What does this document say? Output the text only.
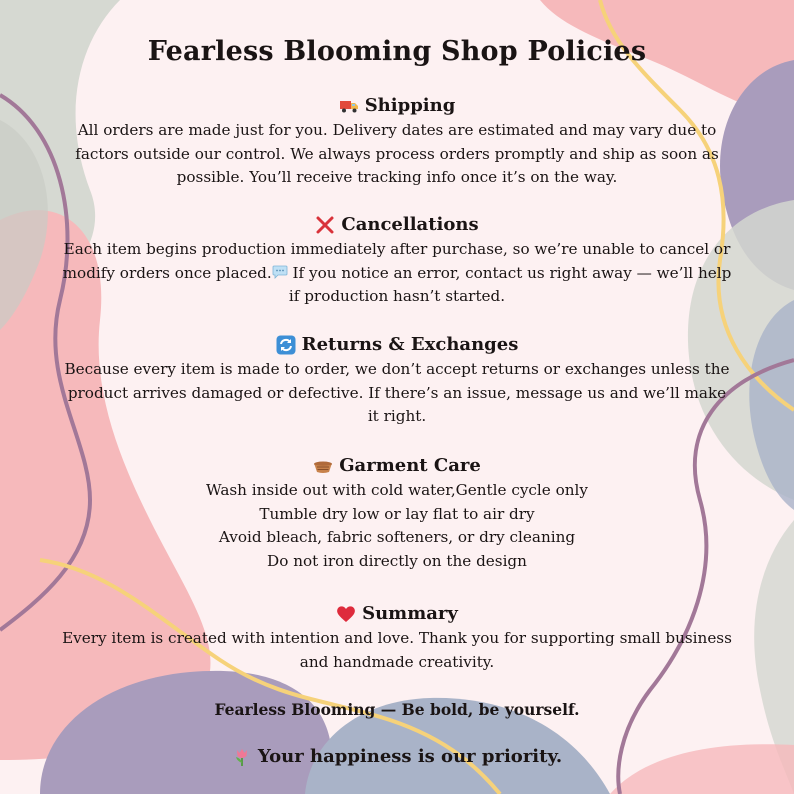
Fearless Blooming Shop Policies
Shipping

All orders are made just for you. Delivery dates are estimated and may vary due to factors outside our control. We always process orders promptly and ship as soon as possible. You’ll receive tracking info once it’s on the way.

Cancellations

Each item begins production immediately after purchase, so we’re unable to cancel or modify orders once placed. If you notice an error, contact us right away — we’ll help if production hasn’t started.

Returns & Exchanges

Because every item is made to order, we don’t accept returns or exchanges unless the product arrives damaged or defective. If there’s an issue, message us and we’ll make it right.

Garment Care
Wash inside out with cold water,Gentle cycle only
Tumble dry low or lay flat to air dry
Avoid bleach, fabric softeners, or dry cleaning
Do not iron directly on the design
Summary

Every item is created with intention and love. Thank you for supporting small business and handmade creativity.

Fearless Blooming — Be bold, be yourself.
Your happiness is our priority.
